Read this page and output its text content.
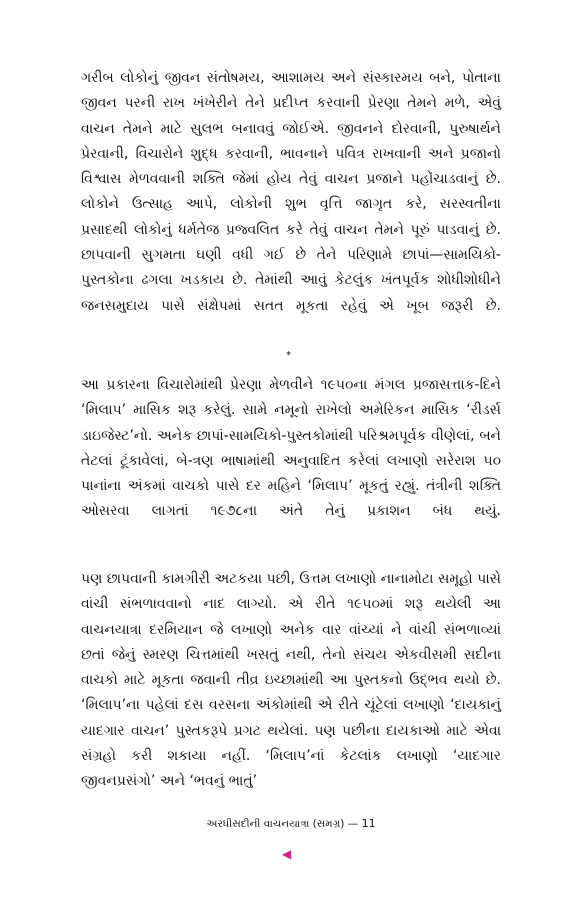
ગરીબ લોકોનું જીવન સંતોષમય, આશામય અને સંસ્કારમય બને, પોતાના જીવન પરની રાખ ખંખેરીને તેને પ્રદીપ્ત કરવાની પ્રેરણા તેમને મળે, એવું વાચન તેમને માટે સુલભ બનાવવું જોઈએ. જીવનને દોરવાની, પુરુષાર્થને પ્રેરવાની, વિચારોને શુદ્ધ કરવાની, ભાવનાને પવિત્ર રાખવાની અને પ્રજાનો વિશ્વાસ મેળવવાની શક્તિ જેમાં હોય તેવું વાચન પ્રજાને પહોંચાડવાનું છે. લોકોને ઉત્સાહ આપે, લોકોની શુભ વૃત્તિ જાગૃત કરે, સરસ્વતીના પ્રસાદથી લોકોનું ધર્મતેજ પ્રજ્વલિત કરે તેવું વાચન તેમને પૂરું પાડવાનું છે. છાપવાની સુગમતા ઘણી વધી ગઈ છે તેને પરિણામે છાપાં—સામયિકો-પુસ્તકોના ઢગલા ખડકાય છે. તેમાંથી આવું કેટલુંક ખંતપૂર્વક શોધીશોધીને જનસમુદાય પાસે સંક્ષેપમાં સતત મૂકતા રહેવું એ ખૂબ જરૂરી છે.

*

આ પ્રકારના વિચારોમાંથી પ્રેરણા મેળવીને ૧૯૫૦ના મંગલ પ્રજાસત્તાક-દિને ‘મિલાપ’ માસિક શરૂ કરેલું. સામે નમૂનો રાખેલો અમેરિકન માસિક ‘રીડર્સ ડાઇજેસ્ટ’નો. અનેક છાપાં-સામયિકો-પુસ્તકોમાંથી પરિશ્રમપૂર્વક વીણેલાં, બને તેટલાં ટૂંકાવેલાં, બે-ત્રણ ભાષામાંથી અનુવાદિત કરેલાં લખાણો સરેરાશ ૫૦ પાનાંના અંકમાં વાચકો પાસે દર મહિને ‘મિલાપ’ મૂકતું રહ્યું. તંત્રીની શક્તિ ઓસરવા લાગતાં ૧૯૭૮ના અંતે તેનું પ્રકાશન બંધ થયું.

પણ છાપવાની કામગીરી અટકયા પછી, ઉત્તમ લખાણો નાનામોટા સમૂહો પાસે વાંચી સંભળાવવાનો નાદ લાગ્યો. એ રીતે ૧૯૫૦માં શરૂ થયેલી આ વાચનયાત્રા દરમિયાન જે લખાણો અનેક વાર વાંચ્યાં ને વાંચી સંભળાવ્યાં છતાં જેનું સ્મરણ ચિત્તમાંથી ખસતું નથી, તેનો સંચય એકવીસમી સદીના વાચકો માટે મૂકતા જવાની તીવ્ર ઇચ્છામાંથી આ પુસ્તકનો ઉદ્‌ભવ થયો છે. ‘મિલાપ’ના પહેલાં દસ વરસના અંકોમાંથી એ રીતે ચૂંટેલાં લખાણો ‘દાયકાનું યાદગાર વાચન’ પુસ્તકરૂપે પ્રગટ થયેલાં. પણ પછીના દાયકાઓ માટે એવા સંગ્રહો કરી શકાયા નહીં. ‘મિલાપ’નાં કેટલાંક લખાણો ‘યાદગાર જીવનપ્રસંગો’ અને ‘ભવનું ભાતું’

અરધીસદીની વાચનયાત્રા (સમગ્ર) — 11
◀
